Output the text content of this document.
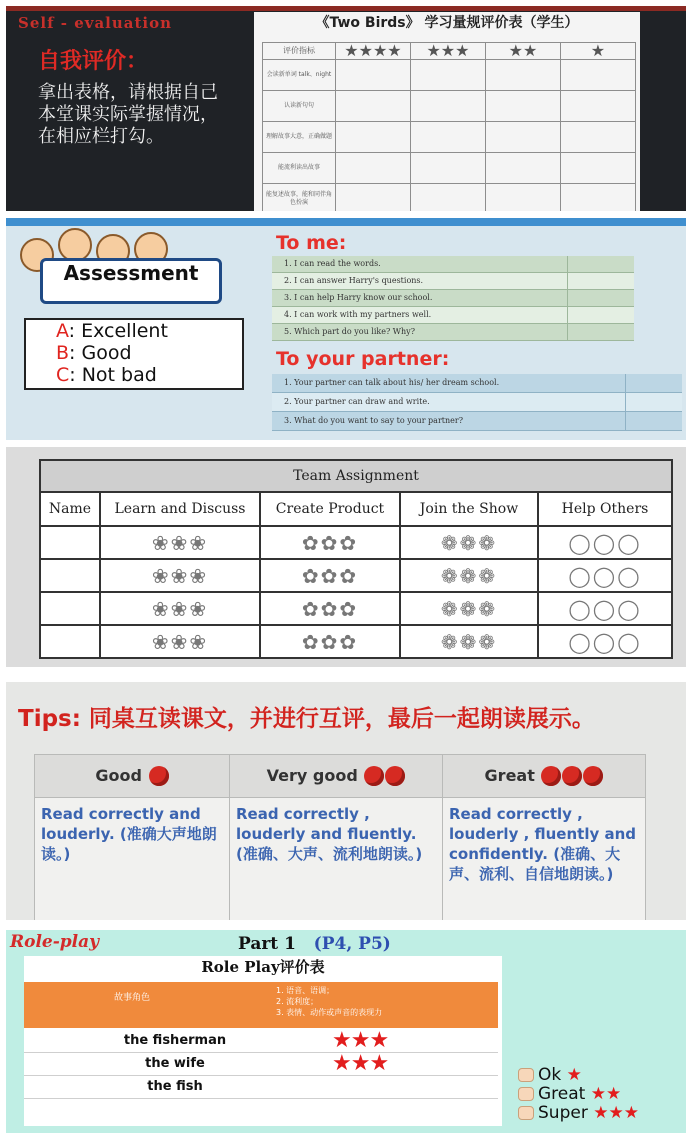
Self - evaluation
自我评价：
拿出表格，请根据自己本堂课实际掌握情况，在相应栏打勾。
《Two Birds》 学习量规评价表（学生）
评价指标	★★★★	★★★	★★	★
会读新单词 talk、night				
认读新句句				
理解故事大意，正确做题				
能流利读出故事				
能复述故事，能和同伴角色扮演				
Assessment
A: Excellent
B: Good
C: Not bad
To me:
1. I can read the words.
2. I can answer Harry's questions.
3. I can help Harry know our school.
4. I can work with my partners well.
5. Which part do you like? Why?
To your partner:
1. Your partner can talk about his/ her dream school.
2. Your partner can draw and write.
3. What do you want to say to your partner?
Team Assignment				
Name	Learn and Discuss	Create Product	Join the Show	Help Others
	❀❀❀	✿✿✿	❁❁❁	◯◯◯
	❀❀❀	✿✿✿	❁❁❁	◯◯◯
	❀❀❀	✿✿✿	❁❁❁	◯◯◯
	❀❀❀	✿✿✿	❁❁❁	◯◯◯
Tips: 同桌互读课文，并进行互评，最后一起朗读展示。
Good	Very good	Great
Read correctly and louderly. (准确大声地朗读。)	Read correctly , louderly and fluently. (准确、大声、流利地朗读。)	Read correctly , louderly , fluently and confidently. (准确、大声、流利、自信地朗读。)
Role-play	Part 1 (P4, P5)
Role Play评价表
故事角色
1. 语音、语调；
2. 流利度；
3. 表情、动作或声音的表现力
the fisherman	★★★
the wife	★★★
the fish
Ok ★
Great ★★
Super ★★★
